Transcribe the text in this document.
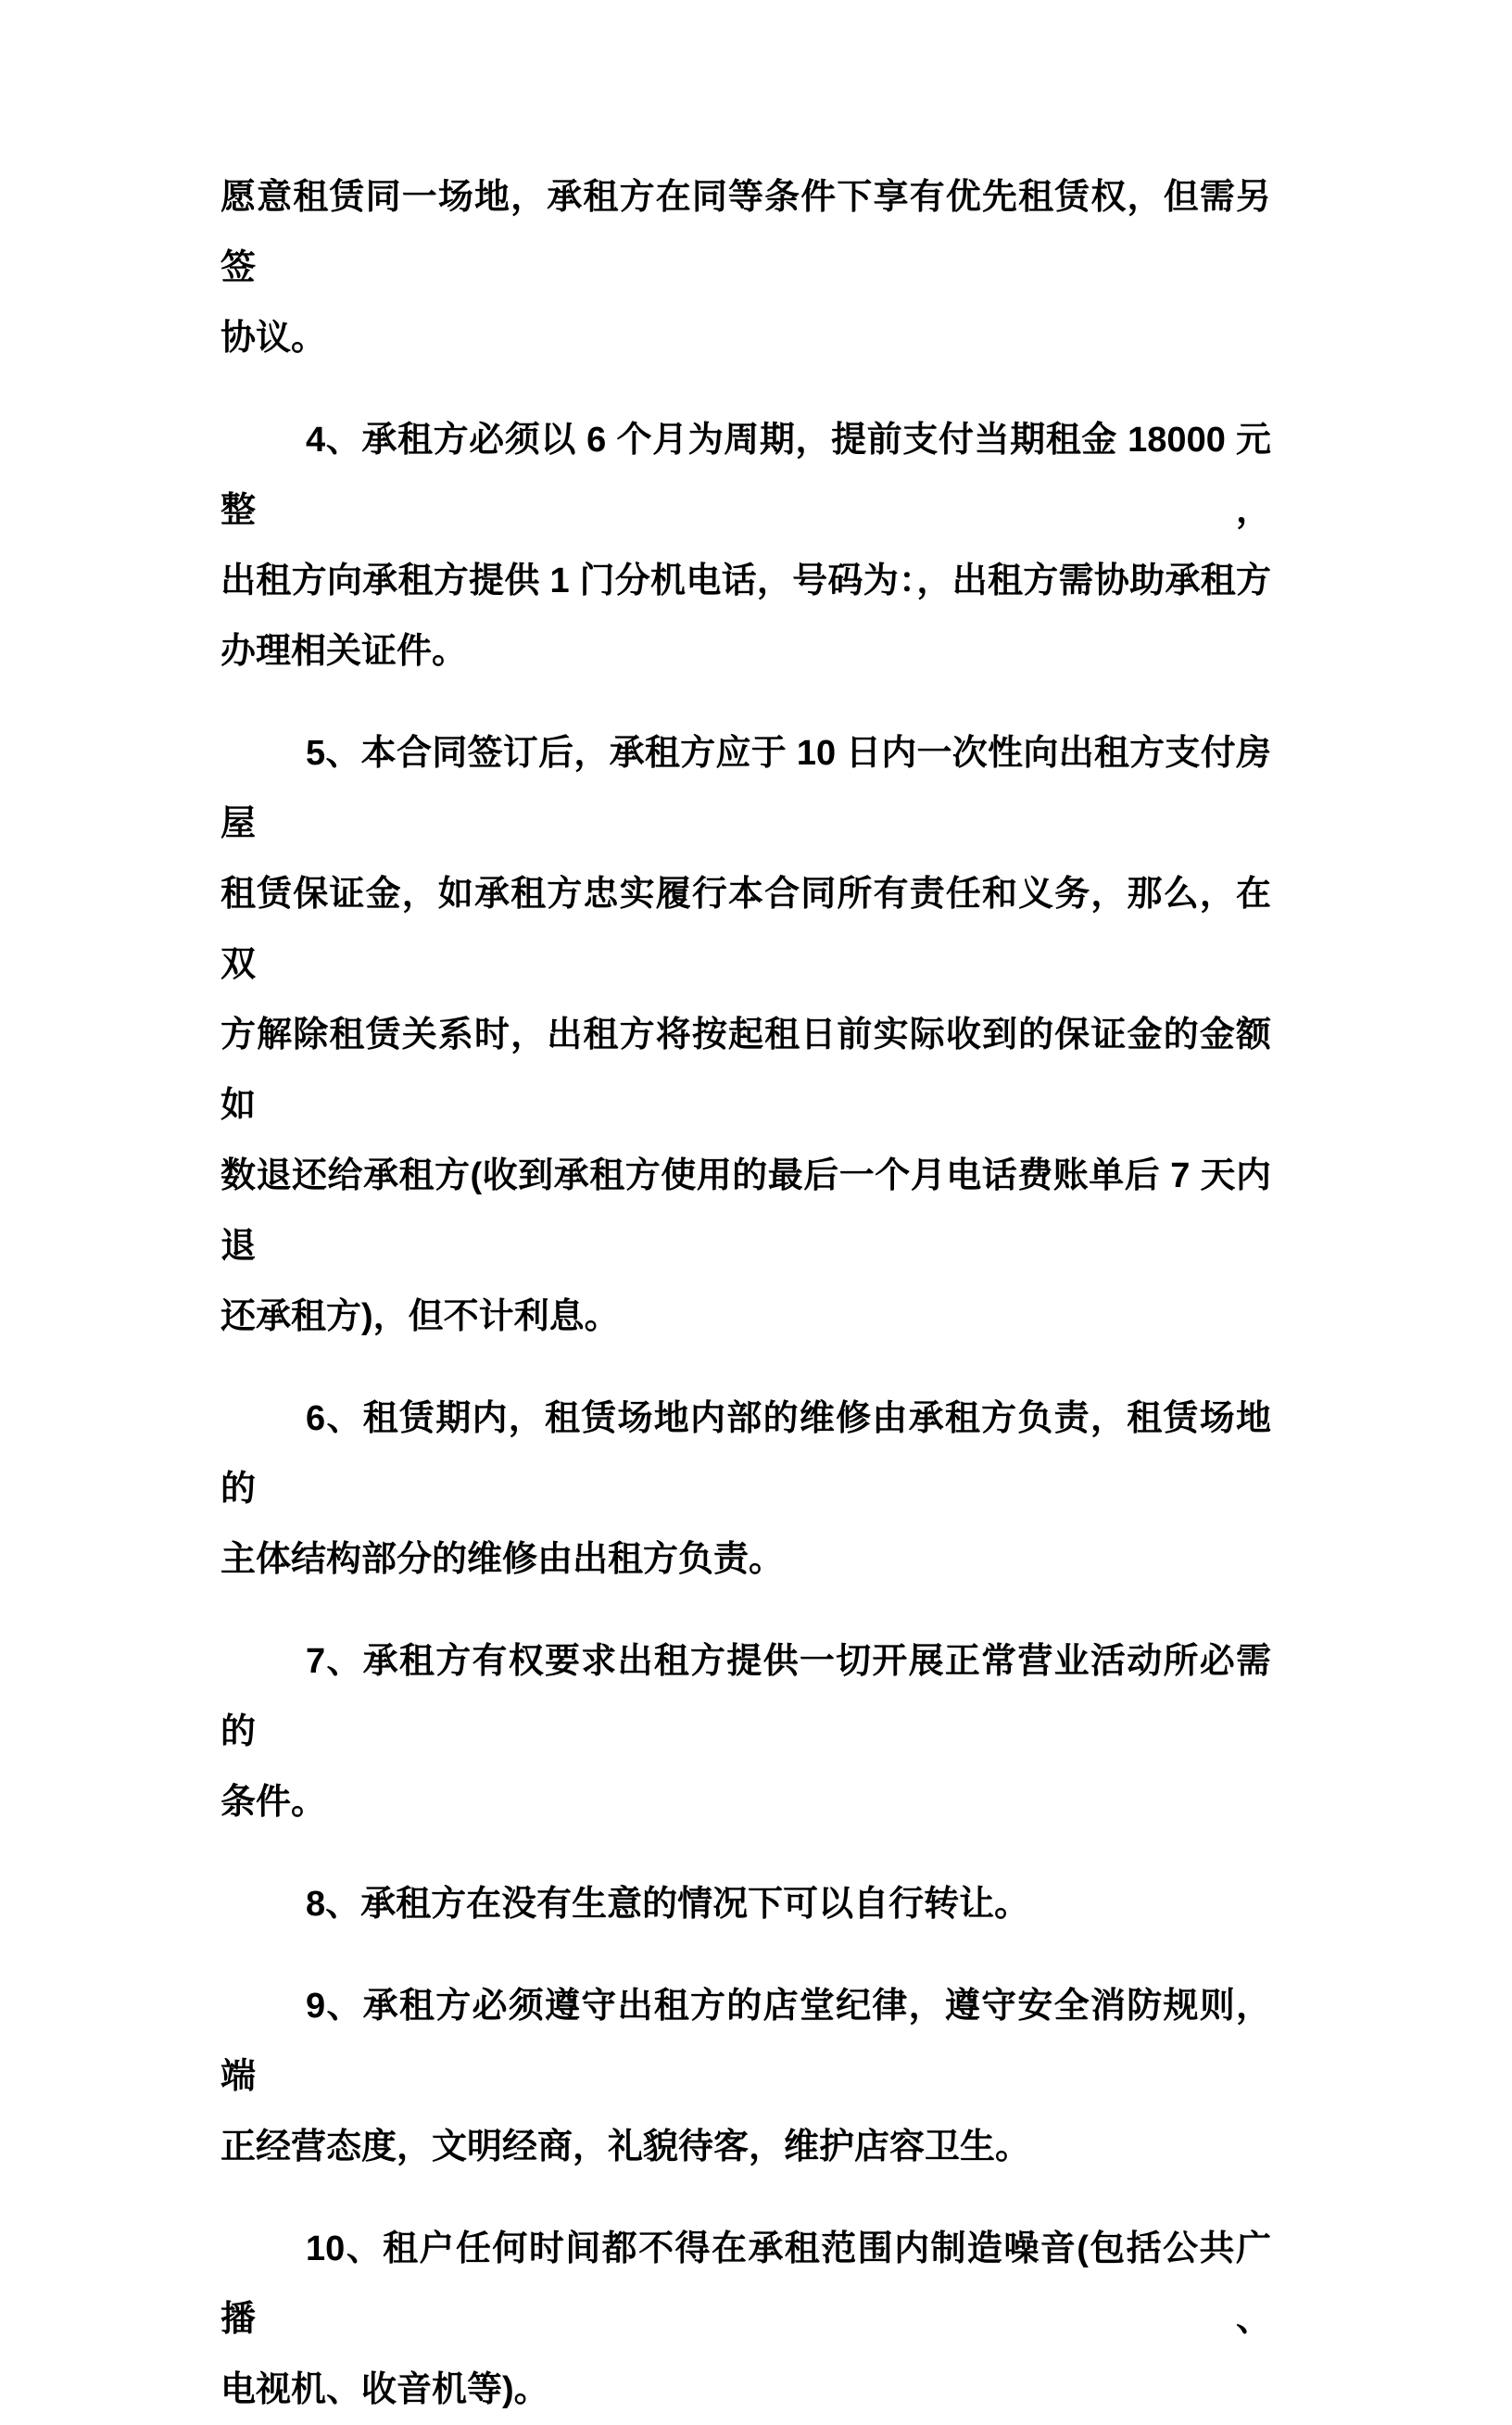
愿意租赁同一场地，承租方在同等条件下享有优先租赁权，但需另签
协议。
4、承租方必须以 6 个月为周期，提前支付当期租金 18000 元整，
出租方向承租方提供 1 门分机电话，号码为：，出租方需协助承租方
办理相关证件。
5、本合同签订后，承租方应于 10 日内一次性向出租方支付房屋
租赁保证金，如承租方忠实履行本合同所有责任和义务，那么，在双
方解除租赁关系时，出租方将按起租日前实际收到的保证金的金额如
数退还给承租方(收到承租方使用的最后一个月电话费账单后 7 天内退
还承租方)，但不计利息。
6、租赁期内，租赁场地内部的维修由承租方负责，租赁场地的
主体结构部分的维修由出租方负责。
7、承租方有权要求出租方提供一切开展正常营业活动所必需的
条件。
8、承租方在没有生意的情况下可以自行转让。
9、承租方必须遵守出租方的店堂纪律，遵守安全消防规则，端
正经营态度，文明经商，礼貌待客，维护店容卫生。
10、租户任何时间都不得在承租范围内制造噪音(包括公共广播、
电视机、收音机等)。
